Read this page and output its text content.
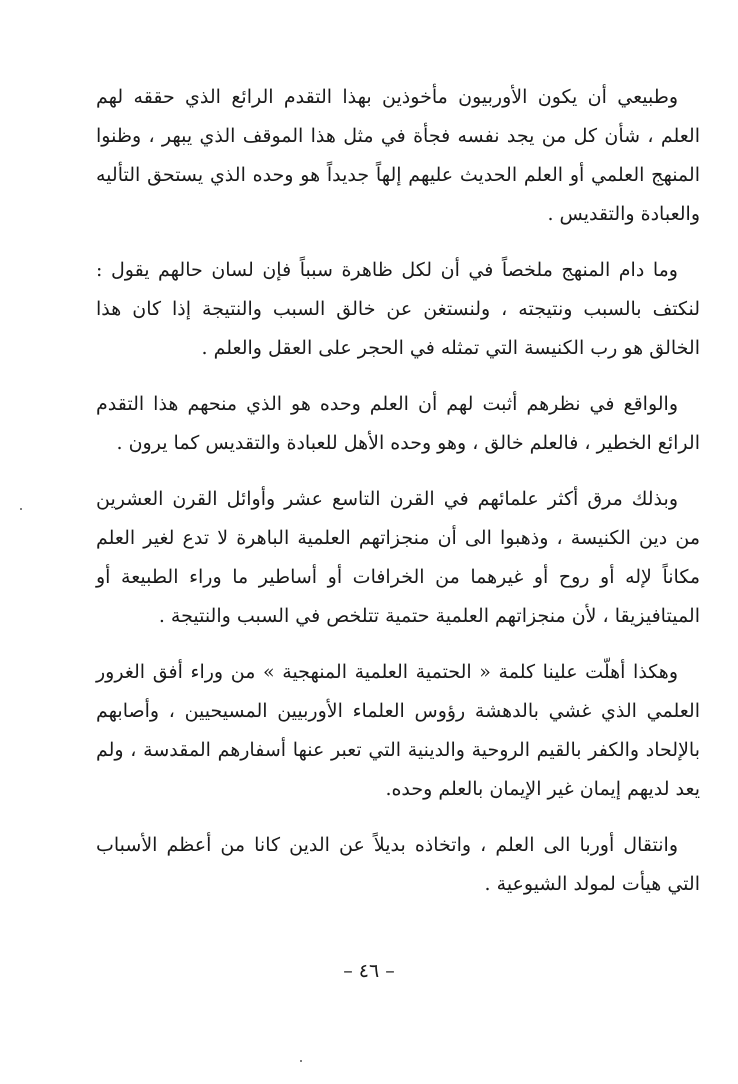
وطبيعي أن يكون الأوربيون مأخوذين بهذا التقدم الرائع الذي حققه لهم العلم ، شأن كل من يجد نفسه فجأة في مثل هذا الموقف الذي يبهر ، وظنوا المنهج العلمي أو العلم الحديث عليهم إلهاً جديداً هو وحده الذي يستحق التأليه والعبادة والتقديس .

وما دام المنهج ملخصاً في أن لكل ظاهرة سبباً فإن لسان حالهم يقول : لنكتف بالسبب ونتيجته ، ولنستغن عن خالق السبب والنتيجة إذا كان هذا الخالق هو رب الكنيسة التي تمثله في الحجر على العقل والعلم .

والواقع في نظرهم أثبت لهم أن العلم وحده هو الذي منحهم هذا التقدم الرائع الخطير ، فالعلم خالق ، وهو وحده الأهل للعبادة والتقديس كما يرون .

وبذلك مرق أكثر علمائهم في القرن التاسع عشر وأوائل القرن العشرين من دين الكنيسة ، وذهبوا الى أن منجزاتهم العلمية الباهرة لا تدع لغير العلم مكاناً لإله أو روح أو غيرهما من الخرافات أو أساطير ما وراء الطبيعة أو الميتافيزيقا ، لأن منجزاتهم العلمية حتمية تتلخص في السبب والنتيجة .

وهكذا أهلّت علينا كلمة « الحتمية العلمية المنهجية » من وراء أفق الغرور العلمي الذي غشي بالدهشة رؤوس العلماء الأوربيين المسيحيين ، وأصابهم بالإلحاد والكفر بالقيم الروحية والدينية التي تعبر عنها أسفارهم المقدسة ، ولم يعد لديهم إيمان غير الإيمان بالعلم وحده.

وانتقال أوربا الى العلم ، واتخاذه بديلاً عن الدين كانا من أعظم الأسباب التي هيأت لمولد الشيوعية .

– ٤٦ –
